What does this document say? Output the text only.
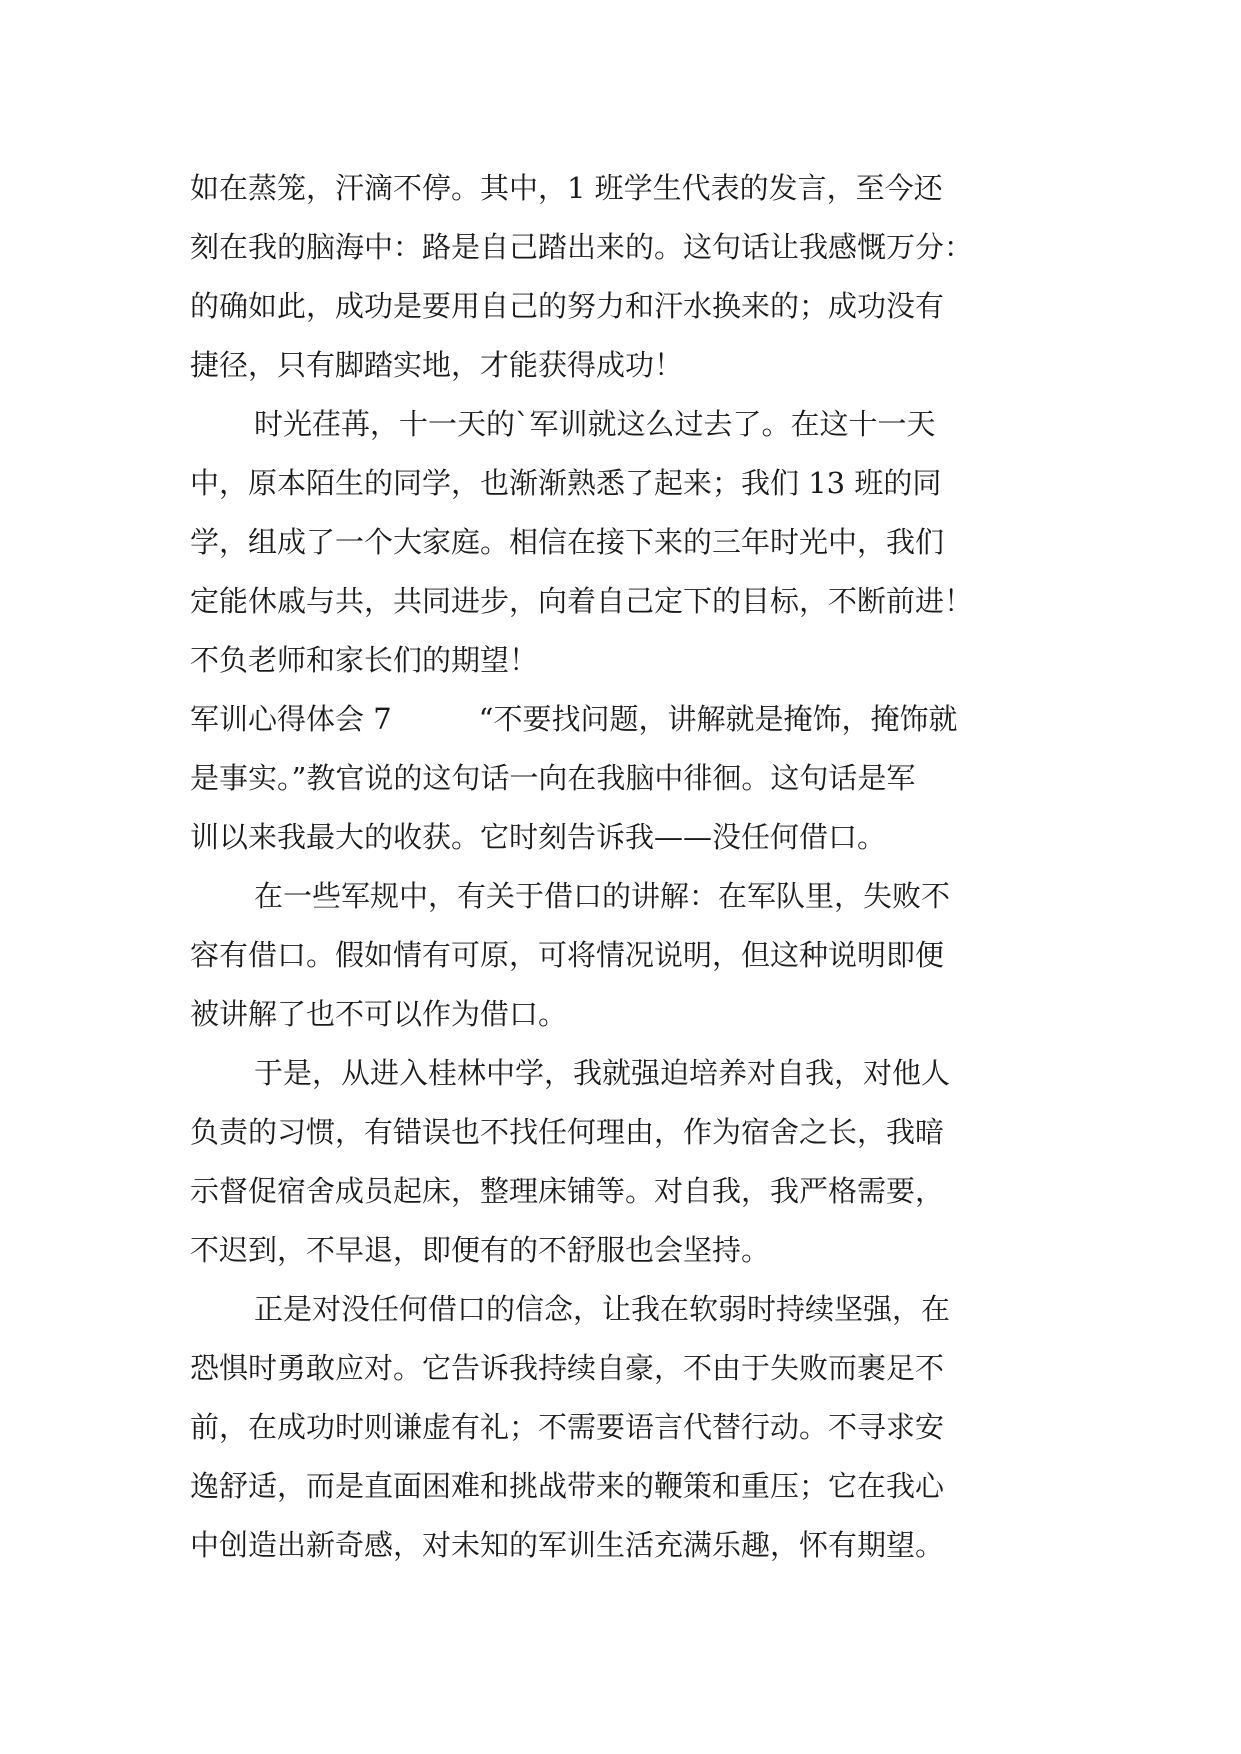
如在蒸笼，汗滴不停。其中，1 班学生代表的发言，至今还
刻在我的脑海中：路是自己踏出来的。这句话让我感慨万分：
的确如此，成功是要用自己的努力和汗水换来的；成功没有
捷径，只有脚踏实地，才能获得成功！
时光荏苒，十一天的`军训就这么过去了。在这十一天
中，原本陌生的同学，也渐渐熟悉了起来；我们 13 班的同
学，组成了一个大家庭。相信在接下来的三年时光中，我们
定能休戚与共，共同进步，向着自己定下的目标，不断前进！
不负老师和家长们的期望！
军训心得体会 7　　　“不要找问题，讲解就是掩饰，掩饰就
是事实。”教官说的这句话一向在我脑中徘徊。这句话是军
训以来我最大的收获。它时刻告诉我——没任何借口。
在一些军规中，有关于借口的讲解：在军队里，失败不
容有借口。假如情有可原，可将情况说明，但这种说明即便
被讲解了也不可以作为借口。
于是，从进入桂林中学，我就强迫培养对自我，对他人
负责的习惯，有错误也不找任何理由，作为宿舍之长，我暗
示督促宿舍成员起床，整理床铺等。对自我，我严格需要，
不迟到，不早退，即便有的不舒服也会坚持。
正是对没任何借口的信念，让我在软弱时持续坚强，在
恐惧时勇敢应对。它告诉我持续自豪，不由于失败而裹足不
前，在成功时则谦虚有礼；不需要语言代替行动。不寻求安
逸舒适，而是直面困难和挑战带来的鞭策和重压；它在我心
中创造出新奇感，对未知的军训生活充满乐趣，怀有期望。
